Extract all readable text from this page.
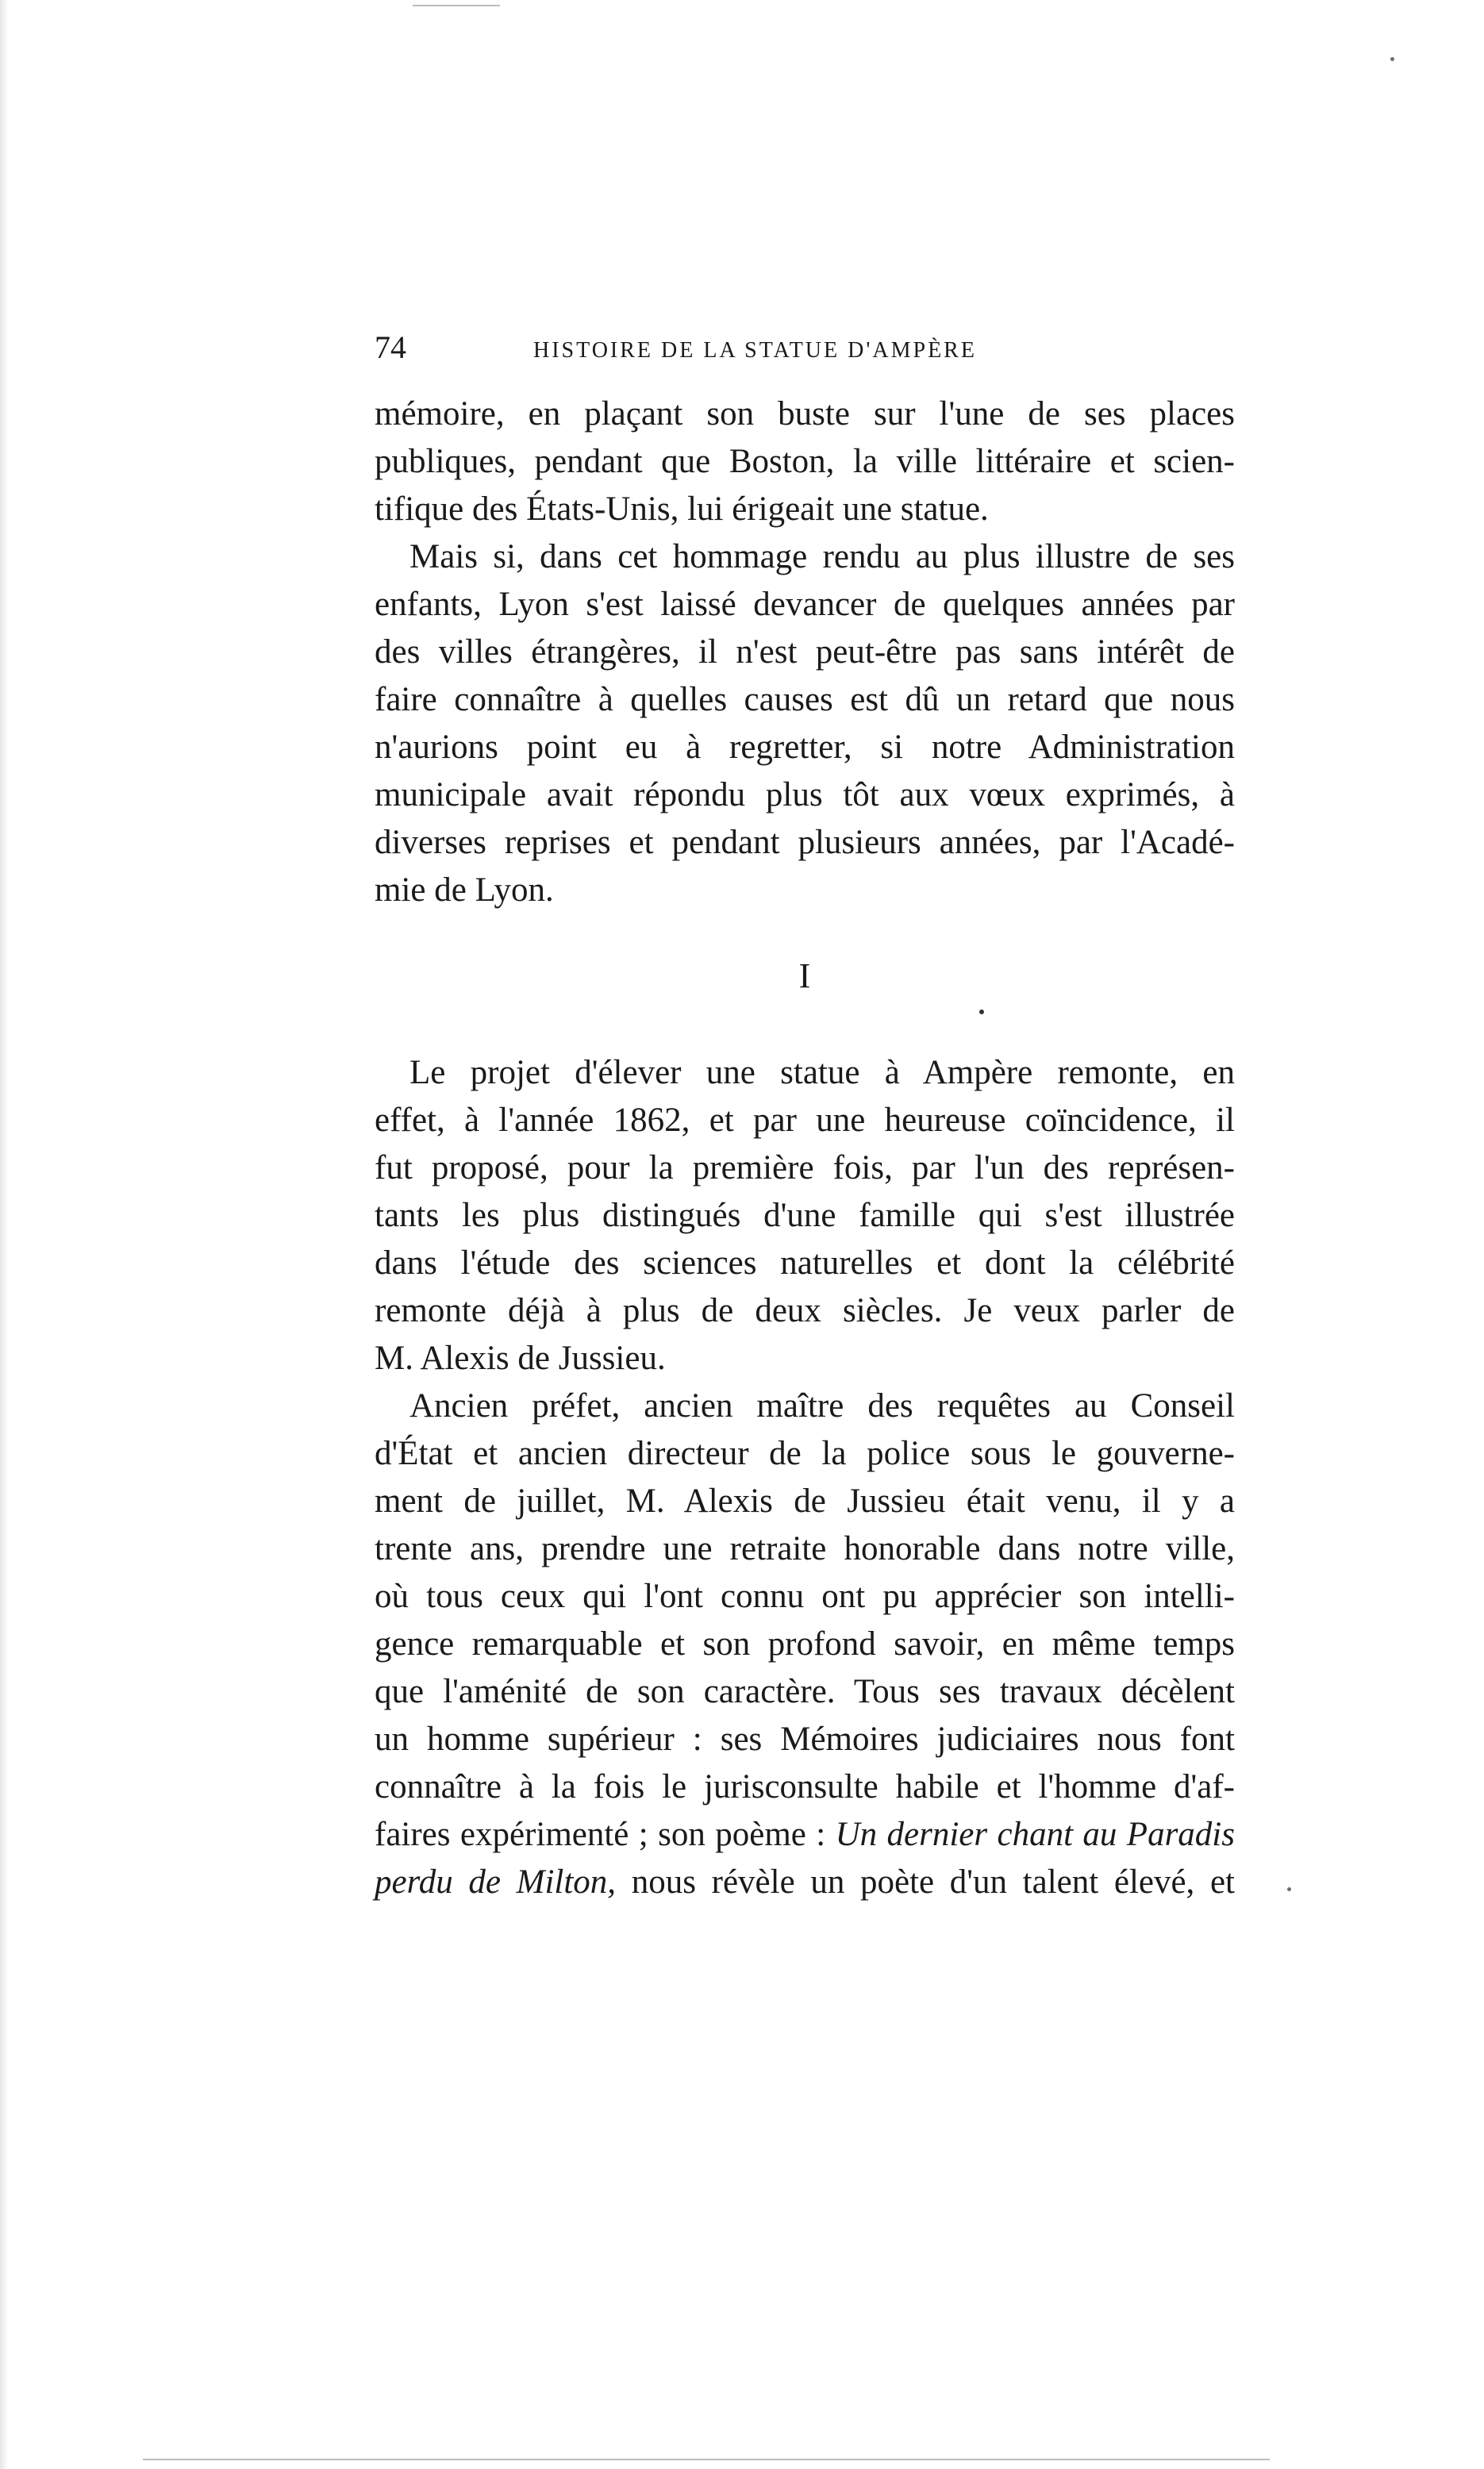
74	HISTOIRE DE LA STATUE D'AMPÈRE
mémoire, en plaçant son buste sur l'une de ses places
publiques, pendant que Boston, la ville littéraire et scien-
tifique des États-Unis, lui érigeait une statue.
Mais si, dans cet hommage rendu au plus illustre de ses
enfants, Lyon s'est laissé devancer de quelques années par
des villes étrangères, il n'est peut-être pas sans intérêt de
faire connaître à quelles causes est dû un retard que nous
n'aurions point eu à regretter, si notre Administration
municipale avait répondu plus tôt aux vœux exprimés, à
diverses reprises et pendant plusieurs années, par l'Acadé-
mie de Lyon.
I
Le projet d'élever une statue à Ampère remonte, en
effet, à l'année 1862, et par une heureuse coïncidence, il
fut proposé, pour la première fois, par l'un des représen-
tants les plus distingués d'une famille qui s'est illustrée
dans l'étude des sciences naturelles et dont la célébrité
remonte déjà à plus de deux siècles. Je veux parler de
M. Alexis de Jussieu.
Ancien préfet, ancien maître des requêtes au Conseil
d'État et ancien directeur de la police sous le gouverne-
ment de juillet, M. Alexis de Jussieu était venu, il y a
trente ans, prendre une retraite honorable dans notre ville,
où tous ceux qui l'ont connu ont pu apprécier son intelli-
gence remarquable et son profond savoir, en même temps
que l'aménité de son caractère. Tous ses travaux décèlent
un homme supérieur : ses Mémoires judiciaires nous font
connaître à la fois le jurisconsulte habile et l'homme d'af-
faires expérimenté ; son poème : Un dernier chant au Paradis
perdu de Milton, nous révèle un poète d'un talent élevé, et
